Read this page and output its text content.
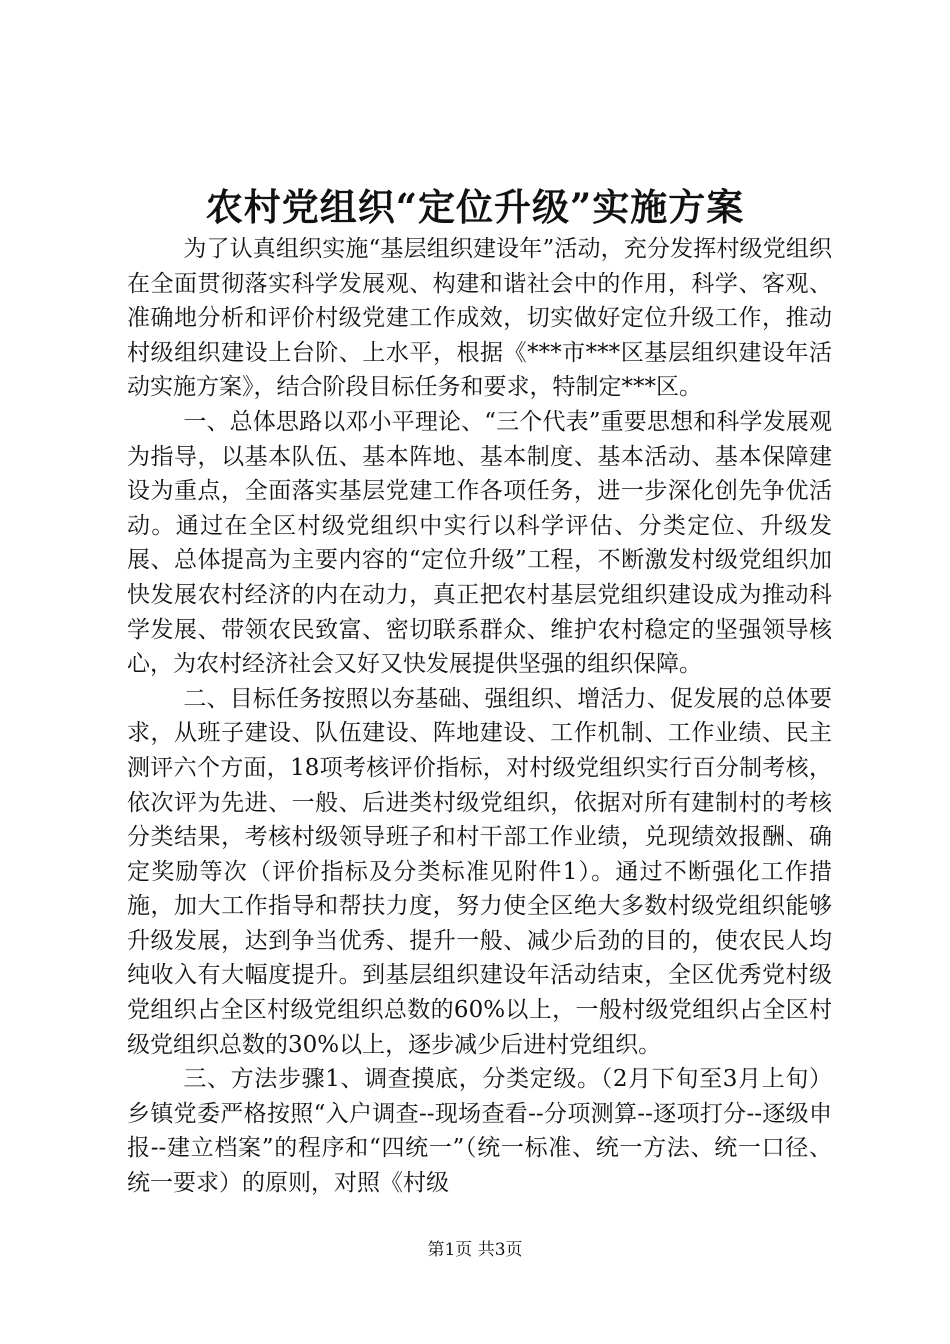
农村党组织“定位升级”实施方案

为了认真组织实施“基层组织建设年”活动，充分发挥村级党组织在全面贯彻落实科学发展观、构建和谐社会中的作用，科学、客观、准确地分析和评价村级党建工作成效，切实做好定位升级工作，推动村级组织建设上台阶、上水平，根据《***市***区基层组织建设年活动实施方案》，结合阶段目标任务和要求，特制定***区。

一、总体思路以邓小平理论、“三个代表”重要思想和科学发展观为指导，以基本队伍、基本阵地、基本制度、基本活动、基本保障建设为重点，全面落实基层党建工作各项任务，进一步深化创先争优活动。通过在全区村级党组织中实行以科学评估、分类定位、升级发展、总体提高为主要内容的“定位升级”工程，不断激发村级党组织加快发展农村经济的内在动力，真正把农村基层党组织建设成为推动科学发展、带领农民致富、密切联系群众、维护农村稳定的坚强领导核心，为农村经济社会又好又快发展提供坚强的组织保障。

二、目标任务按照以夯基础、强组织、增活力、促发展的总体要求，从班子建设、队伍建设、阵地建设、工作机制、工作业绩、民主测评六个方面，18项考核评价指标，对村级党组织实行百分制考核，依次评为先进、一般、后进类村级党组织，依据对所有建制村的考核分类结果，考核村级领导班子和村干部工作业绩，兑现绩效报酬、确定奖励等次（评价指标及分类标准见附件1）。通过不断强化工作措施，加大工作指导和帮扶力度，努力使全区绝大多数村级党组织能够升级发展，达到争当优秀、提升一般、减少后劲的目的，使农民人均纯收入有大幅度提升。到基层组织建设年活动结束，全区优秀党村级党组织占全区村级党组织总数的60%以上，一般村级党组织占全区村级党组织总数的30%以上，逐步减少后进村党组织。

三、方法步骤1、调查摸底，分类定级。（2月下旬至3月上旬）乡镇党委严格按照“入户调查--现场查看--分项测算--逐项打分--逐级申报--建立档案”的程序和“四统一”（统一标准、统一方法、统一口径、统一要求）的原则，对照《村级

第1页 共3页
